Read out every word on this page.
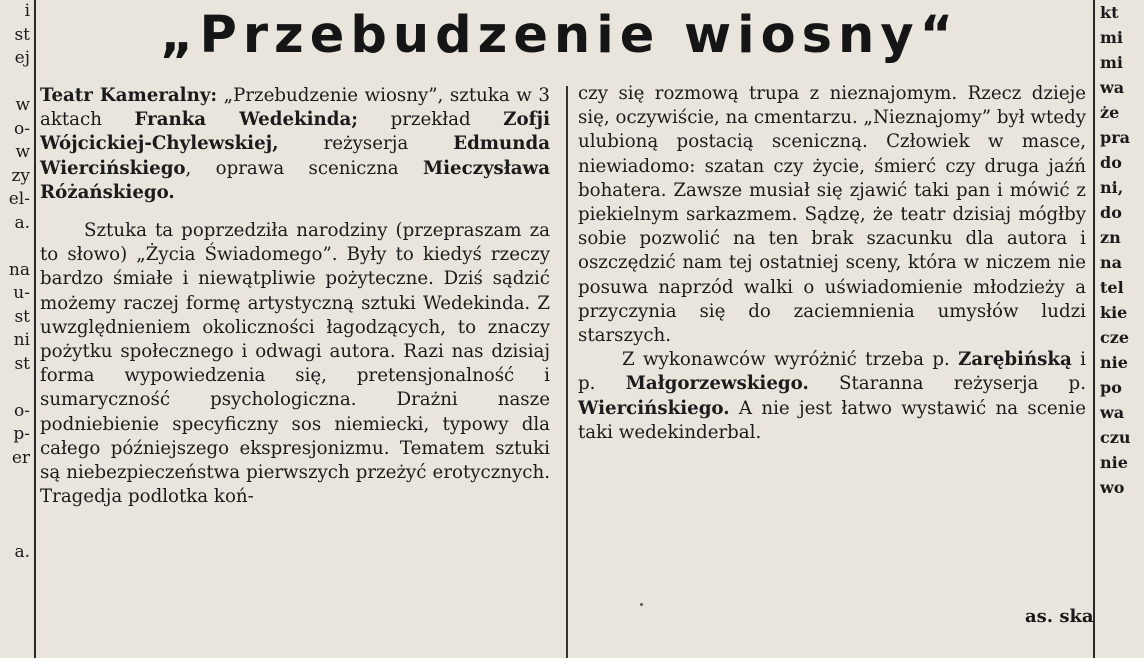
i
st
ej
w
o-
w
zy
el-
a.
na
u-
st
ni
st
o-
p-
er
a.
kt
mi
mi
wa
że
pra
do
ni,
do
zn
na
tel
kie
cze
nie
po
wa
czu
nie
wo
„Przebudzenie wiosny“

Teatr Kameralny: „Przebudzenie wiosny”, sztuka w 3 aktach Franka Wedekinda; przekład Zofji Wójcickiej-Chylewskiej, reżyserja Edmunda Wiercińskiego, oprawa sceniczna Mieczysława Różańskiego.

Sztuka ta poprzedziła narodziny (przepraszam za to słowo) „Życia Świadomego”. Były to kiedyś rzeczy bardzo śmiałe i niewątpliwie pożyteczne. Dziś sądzić możemy raczej formę artystyczną sztuki Wedekinda. Z uwzględnieniem okoliczności łagodzących, to znaczy pożytku społecznego i odwagi autora. Razi nas dzisiaj forma wypowiedzenia się, pretensjonalność i sumaryczność psychologiczna. Drażni nasze podniebienie specyficzny sos niemiecki, typowy dla całego późniejszego ekspresjonizmu. Tematem sztuki są niebezpieczeństwa pierwszych przeżyć erotycznych. Tragedja podlotka koń-

czy się rozmową trupa z nieznajomym. Rzecz dzieje się, oczywiście, na cmentarzu. „Nieznajomy” był wtedy ulubioną postacią sceniczną. Człowiek w masce, niewiadomo: szatan czy życie, śmierć czy druga jaźń bohatera. Zawsze musiał się zjawić taki pan i mówić z piekielnym sarkazmem. Sądzę, że teatr dzisiaj mógłby sobie pozwolić na ten brak szacunku dla autora i oszczędzić nam tej ostatniej sceny, która w niczem nie posuwa naprzód walki o uświadomienie młodzieży a przyczynia się do zaciemnienia umysłów ludzi starszych.

Z wykonawców wyróżnić trzeba p. Zarębińską i p. Małgorzewskiego. Staranna reżyserja p. Wiercińskiego. A nie jest łatwo wystawić na scenie taki wedekinderbal.

as. ska
